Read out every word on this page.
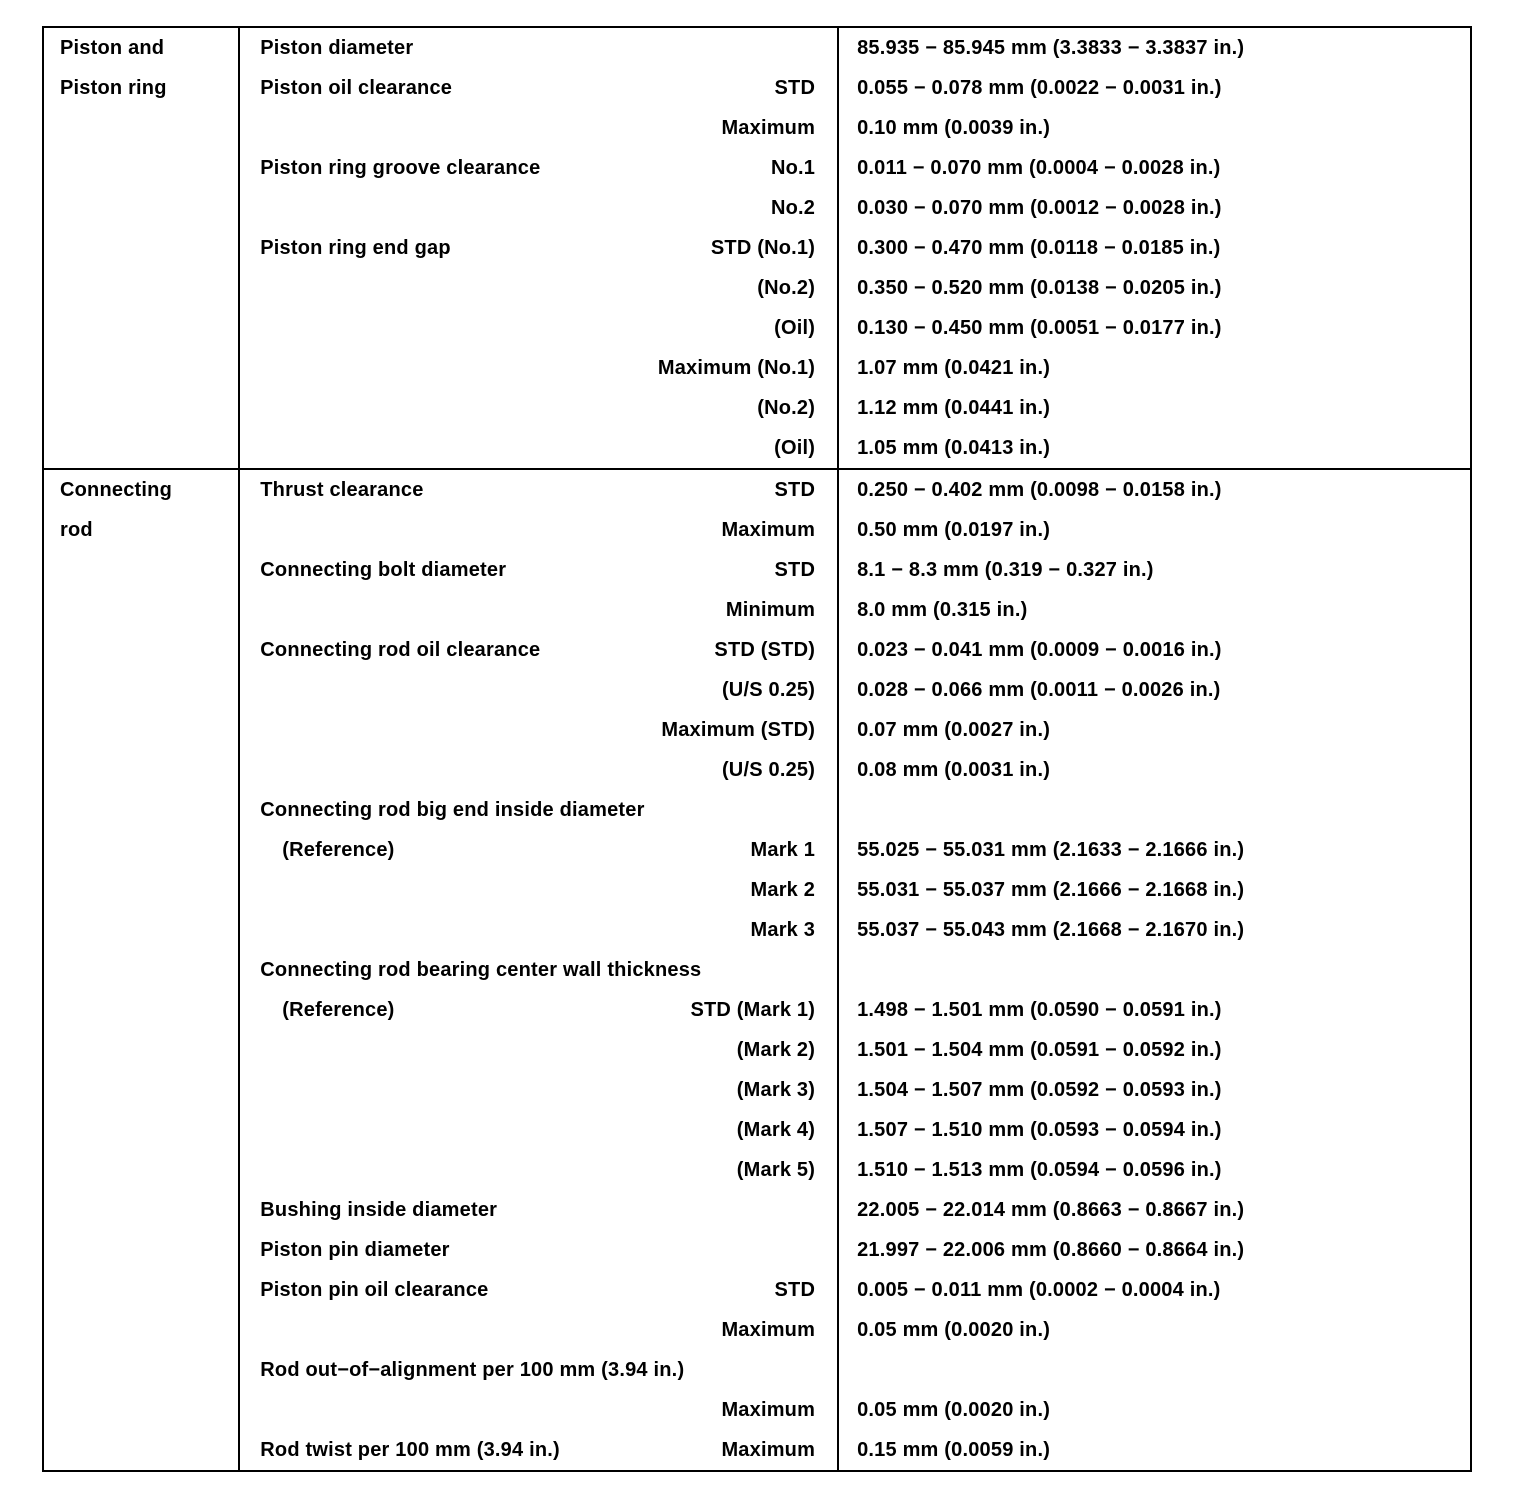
Piston and	Piston diameter	85.935 − 85.945 mm (3.3833 − 3.3837 in.)

Piston ring	Piston oil clearance STD	0.055 − 0.078 mm (0.0022 − 0.0031 in.)

	Maximum	0.10 mm (0.0039 in.)

	Piston ring groove clearance No.1	0.011 − 0.070 mm (0.0004 − 0.0028 in.)

	No.2	0.030 − 0.070 mm (0.0012 − 0.0028 in.)

	Piston ring end gap STD (No.1)	0.300 − 0.470 mm (0.0118 − 0.0185 in.)

	(No.2)	0.350 − 0.520 mm (0.0138 − 0.0205 in.)

	(Oil)	0.130 − 0.450 mm (0.0051 − 0.0177 in.)

	Maximum (No.1)	1.07 mm (0.0421 in.)

	(No.2)	1.12 mm (0.0441 in.)

	(Oil)	1.05 mm (0.0413 in.)

Connecting	Thrust clearance STD	0.250 − 0.402 mm (0.0098 − 0.0158 in.)

rod	Maximum	0.50 mm (0.0197 in.)

	Connecting bolt diameter STD	8.1 − 8.3 mm (0.319 − 0.327 in.)

	Minimum	8.0 mm (0.315 in.)

	Connecting rod oil clearance STD (STD)	0.023 − 0.041 mm (0.0009 − 0.0016 in.)

	(U/S 0.25)	0.028 − 0.066 mm (0.0011 − 0.0026 in.)

	Maximum (STD)	0.07 mm (0.0027 in.)

	(U/S 0.25)	0.08 mm (0.0031 in.)

	Connecting rod big end inside diameter	

	(Reference) Mark 1	55.025 − 55.031 mm (2.1633 − 2.1666 in.)

	Mark 2	55.031 − 55.037 mm (2.1666 − 2.1668 in.)

	Mark 3	55.037 − 55.043 mm (2.1668 − 2.1670 in.)

	Connecting rod bearing center wall thickness	

	(Reference) STD (Mark 1)	1.498 − 1.501 mm (0.0590 − 0.0591 in.)

	(Mark 2)	1.501 − 1.504 mm (0.0591 − 0.0592 in.)

	(Mark 3)	1.504 − 1.507 mm (0.0592 − 0.0593 in.)

	(Mark 4)	1.507 − 1.510 mm (0.0593 − 0.0594 in.)

	(Mark 5)	1.510 − 1.513 mm (0.0594 − 0.0596 in.)

	Bushing inside diameter	22.005 − 22.014 mm (0.8663 − 0.8667 in.)

	Piston pin diameter	21.997 − 22.006 mm (0.8660 − 0.8664 in.)

	Piston pin oil clearance STD	0.005 − 0.011 mm (0.0002 − 0.0004 in.)

	Maximum	0.05 mm (0.0020 in.)

	Rod out−of−alignment per 100 mm (3.94 in.)	

	Maximum	0.05 mm (0.0020 in.)

	Rod twist per 100 mm (3.94 in.) Maximum	0.15 mm (0.0059 in.)
